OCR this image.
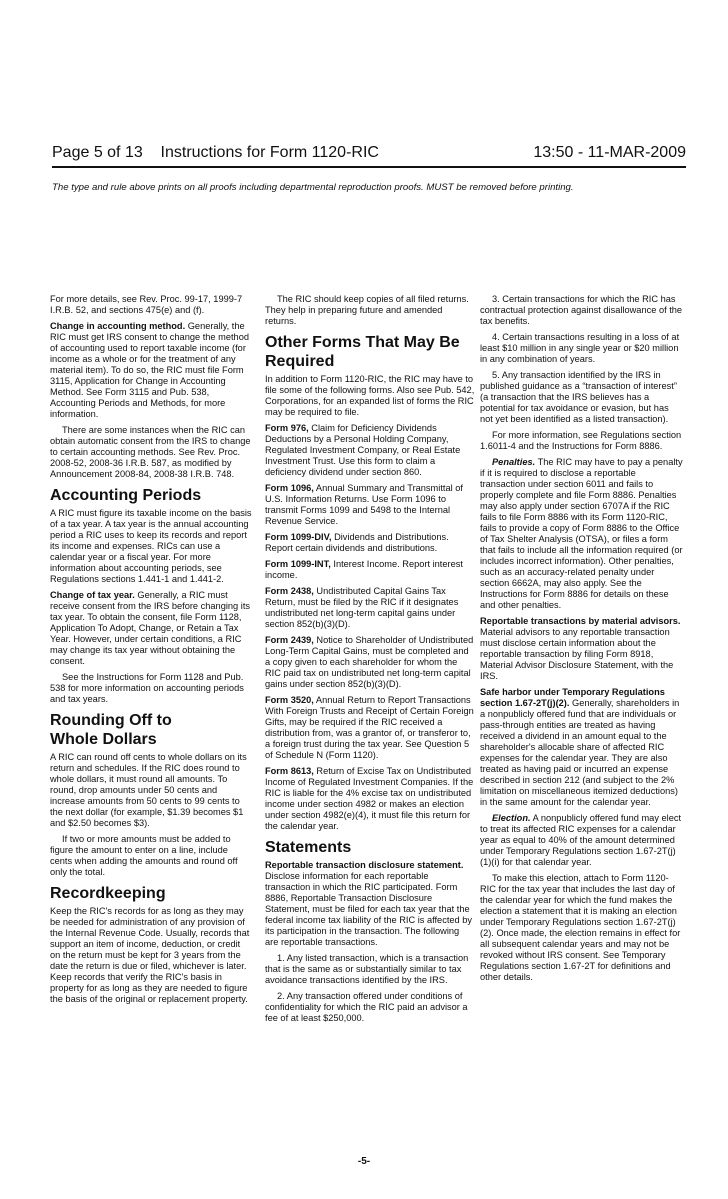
Page 5 of 13    Instructions for Form 1120-RIC	13:50 - 11-MAR-2009
The type and rule above prints on all proofs including departmental reproduction proofs. MUST be removed before printing.

For more details, see Rev. Proc. 99-17, 1999-7 I.R.B. 52, and sections 475(e) and (f).

Change in accounting method. Generally, the RIC must get IRS consent to change the method of accounting used to report taxable income (for income as a whole or for the treatment of any material item). To do so, the RIC must file Form 3115, Application for Change in Accounting Method. See Form 3115 and Pub. 538, Accounting Periods and Methods, for more information.

There are some instances when the RIC can obtain automatic consent from the IRS to change to certain accounting methods. See Rev. Proc. 2008-52, 2008-36 I.R.B. 587, as modified by Announcement 2008-84, 2008-38 I.R.B. 748.

Accounting Periods

A RIC must figure its taxable income on the basis of a tax year. A tax year is the annual accounting period a RIC uses to keep its records and report its income and expenses. RICs can use a calendar year or a fiscal year. For more information about accounting periods, see Regulations sections 1.441-1 and 1.441-2.

Change of tax year. Generally, a RIC must receive consent from the IRS before changing its tax year. To obtain the consent, file Form 1128, Application To Adopt, Change, or Retain a Tax Year. However, under certain conditions, a RIC may change its tax year without obtaining the consent.

See the Instructions for Form 1128 and Pub. 538 for more information on accounting periods and tax years.

Rounding Off to
Whole Dollars

A RIC can round off cents to whole dollars on its return and schedules. If the RIC does round to whole dollars, it must round all amounts. To round, drop amounts under 50 cents and increase amounts from 50 cents to 99 cents to the next dollar (for example, $1.39 becomes $1 and $2.50 becomes $3).

If two or more amounts must be added to figure the amount to enter on a line, include cents when adding the amounts and round off only the total.

Recordkeeping

Keep the RIC's records for as long as they may be needed for administration of any provision of the Internal Revenue Code. Usually, records that support an item of income, deduction, or credit on the return must be kept for 3 years from the date the return is due or filed, whichever is later. Keep records that verify the RIC's basis in property for as long as they are needed to figure the basis of the original or replacement property.

The RIC should keep copies of all filed returns. They help in preparing future and amended returns.

Other Forms That May Be
Required

In addition to Form 1120-RIC, the RIC may have to file some of the following forms. Also see Pub. 542, Corporations, for an expanded list of forms the RIC may be required to file.

Form 976, Claim for Deficiency Dividends Deductions by a Personal Holding Company, Regulated Investment Company, or Real Estate Investment Trust. Use this form to claim a deficiency dividend under section 860.

Form 1096, Annual Summary and Transmittal of U.S. Information Returns. Use Form 1096 to transmit Forms 1099 and 5498 to the Internal Revenue Service.

Form 1099-DIV, Dividends and Distributions. Report certain dividends and distributions.

Form 1099-INT, Interest Income. Report interest income.

Form 2438, Undistributed Capital Gains Tax Return, must be filed by the RIC if it designates undistributed net long-term capital gains under section 852(b)(3)(D).

Form 2439, Notice to Shareholder of Undistributed Long-Term Capital Gains, must be completed and a copy given to each shareholder for whom the RIC paid tax on undistributed net long-term capital gains under section 852(b)(3)(D).

Form 3520, Annual Return to Report Transactions With Foreign Trusts and Receipt of Certain Foreign Gifts, may be required if the RIC received a distribution from, was a grantor of, or transferor to, a foreign trust during the tax year. See Question 5 of Schedule N (Form 1120).

Form 8613, Return of Excise Tax on Undistributed Income of Regulated Investment Companies. If the RIC is liable for the 4% excise tax on undistributed income under section 4982 or makes an election under section 4982(e)(4), it must file this return for the calendar year.

Statements

Reportable transaction disclosure statement. Disclose information for each reportable transaction in which the RIC participated. Form 8886, Reportable Transaction Disclosure Statement, must be filed for each tax year that the federal income tax liability of the RIC is affected by its participation in the transaction. The following are reportable transactions.

1. Any listed transaction, which is a transaction that is the same as or substantially similar to tax avoidance transactions identified by the IRS.

2. Any transaction offered under conditions of confidentiality for which the RIC paid an advisor a fee of at least $250,000.

3. Certain transactions for which the RIC has contractual protection against disallowance of the tax benefits.

4. Certain transactions resulting in a loss of at least $10 million in any single year or $20 million in any combination of years.

5. Any transaction identified by the IRS in published guidance as a “transaction of interest” (a transaction that the IRS believes has a potential for tax avoidance or evasion, but has not yet been identified as a listed transaction).

For more information, see Regulations section 1.6011-4 and the Instructions for Form 8886.

Penalties. The RIC may have to pay a penalty if it is required to disclose a reportable transaction under section 6011 and fails to properly complete and file Form 8886. Penalties may also apply under section 6707A if the RIC fails to file Form 8886 with its Form 1120-RIC, fails to provide a copy of Form 8886 to the Office of Tax Shelter Analysis (OTSA), or files a form that fails to include all the information required (or includes incorrect information). Other penalties, such as an accuracy-related penalty under section 6662A, may also apply. See the Instructions for Form 8886 for details on these and other penalties.

Reportable transactions by material advisors. Material advisors to any reportable transaction must disclose certain information about the reportable transaction by filing Form 8918, Material Advisor Disclosure Statement, with the IRS.

Safe harbor under Temporary Regulations section 1.67-2T(j)(2). Generally, shareholders in a nonpublicly offered fund that are individuals or pass-through entities are treated as having received a dividend in an amount equal to the shareholder's allocable share of affected RIC expenses for the calendar year. They are also treated as having paid or incurred an expense described in section 212 (and subject to the 2% limitation on miscellaneous itemized deductions) in the same amount for the calendar year.

Election. A nonpublicly offered fund may elect to treat its affected RIC expenses for a calendar year as equal to 40% of the amount determined under Temporary Regulations section 1.67-2T(j)(1)(i) for that calendar year.

To make this election, attach to Form 1120-RIC for the tax year that includes the last day of the calendar year for which the fund makes the election a statement that it is making an election under Temporary Regulations section 1.67-2T(j)(2). Once made, the election remains in effect for all subsequent calendar years and may not be revoked without IRS consent. See Temporary Regulations section 1.67-2T for definitions and other details.

-5-
